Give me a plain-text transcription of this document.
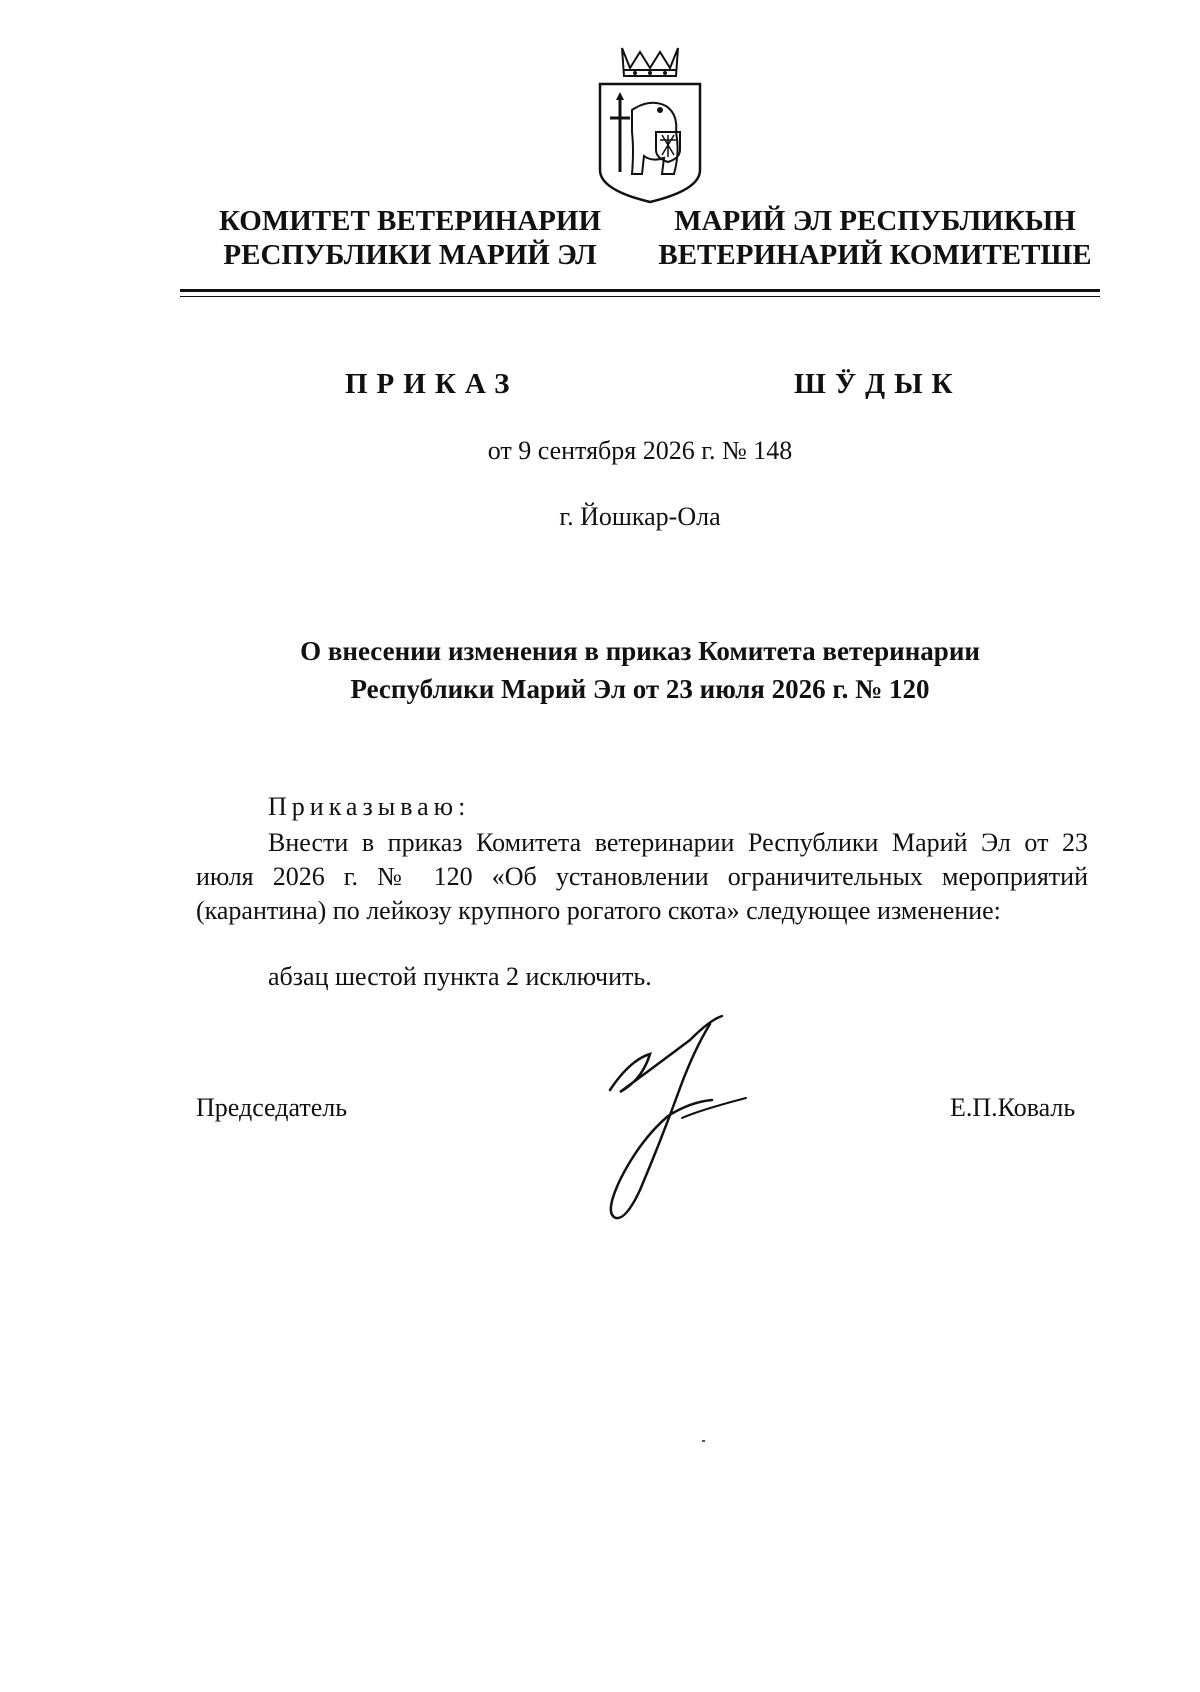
КОМИТЕТ ВЕТЕРИНАРИИ
РЕСПУБЛИКИ МАРИЙ ЭЛ
МАРИЙ ЭЛ РЕСПУБЛИКЫН
ВЕТЕРИНАРИЙ КОМИТЕТШЕ
ПРИКАЗ	ШӰДЫК
от 9 сентября 2026 г. № 148
г. Йошкар-Ола
О внесении изменения в приказ Комитета ветеринарии
Республики Марий Эл от 23 июля 2026 г. № 120
Приказываю:
Внести в приказ Комитета ветеринарии Республики Марий Эл от 23 июля 2026 г. № 120 «Об установлении ограничительных мероприятий (карантина) по лейкозу крупного рогатого скота» следующее изменение:
абзац шестой пункта 2 исключить.
Председатель	Е.П.Коваль
